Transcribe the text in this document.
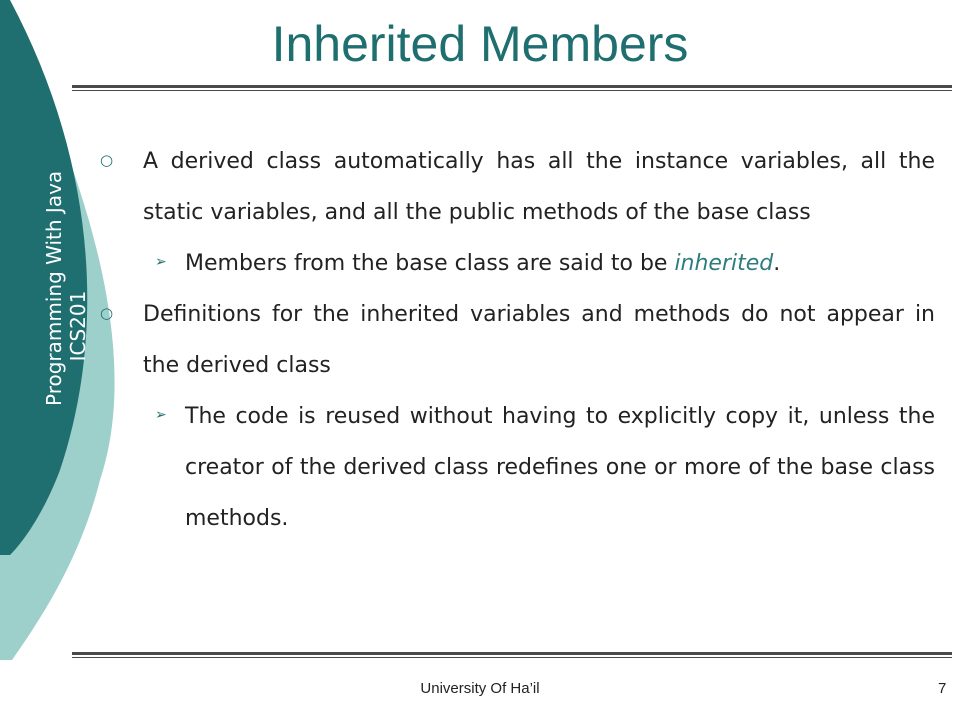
Programming With Java ICS201
Inherited Members
○	A derived class automatically has all the instance variables, all the static variables, and all the public methods of the base class
➢ Members from the base class are said to be inherited.
○	Definitions for the inherited variables and methods do not appear in the derived class
➢ The code is reused without having to explicitly copy it, unless the creator of the derived class redefines one or more of the base class methods.
University Of Ha’il	7
